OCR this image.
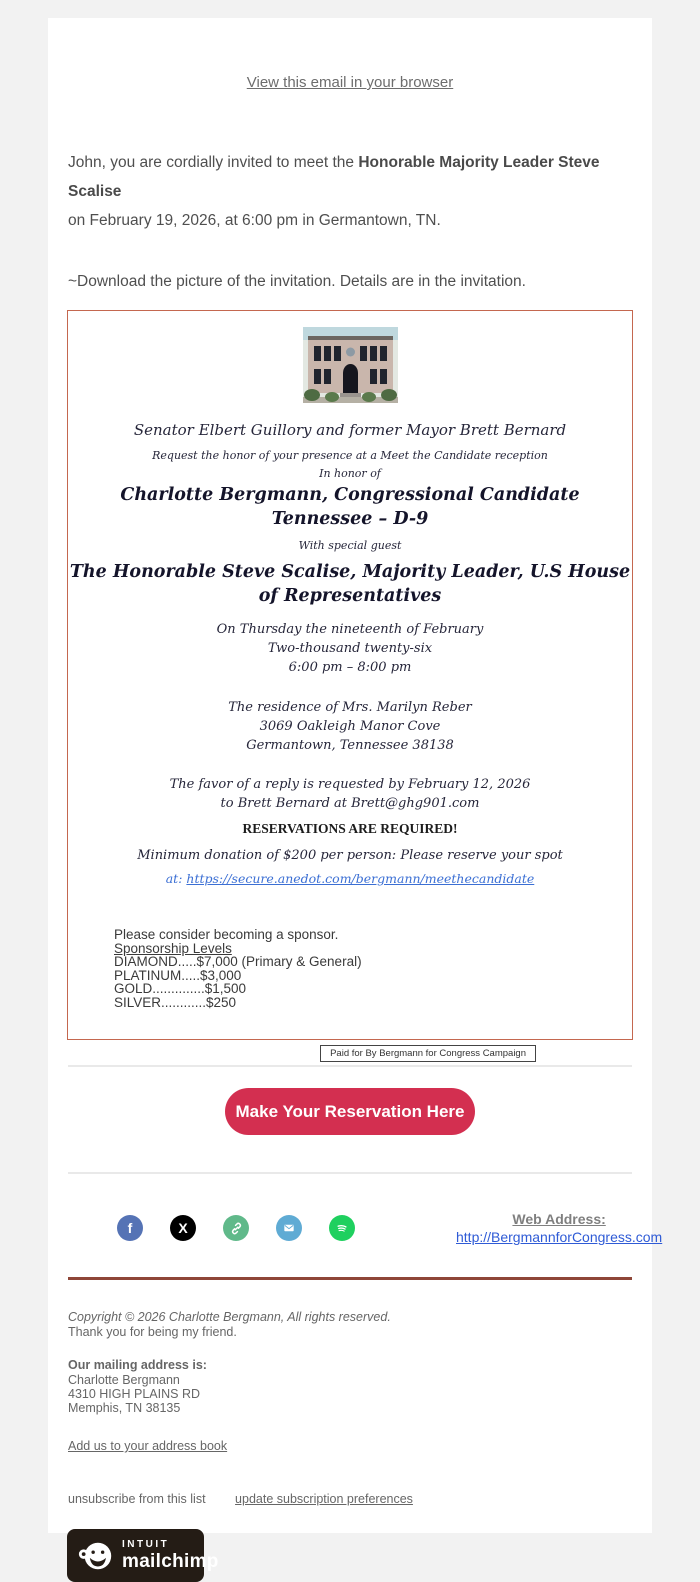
View this email in your browser

John, you are cordially invited to meet the Honorable Majority Leader Steve Scalise
on February 19, 2026, at 6:00 pm in Germantown, TN.

~Download the picture of the invitation. Details are in the invitation.

Senator Elbert Guillory and former Mayor Brett Bernard
Request the honor of your presence at a Meet the Candidate reception
In honor of
Charlotte Bergmann, Congressional Candidate Tennessee – D-9
With special guest
The Honorable Steve Scalise, Majority Leader, U.S House of Representatives
On Thursday the nineteenth of February
Two-thousand twenty-six
6:00 pm – 8:00 pm
The residence of Mrs. Marilyn Reber
3069 Oakleigh Manor Cove
Germantown, Tennessee 38138
The favor of a reply is requested by February 12, 2026
to Brett Bernard at Brett@ghg901.com
RESERVATIONS ARE REQUIRED!
Minimum donation of $200 per person: Please reserve your spot
at: https://secure.anedot.com/bergmann/meethecandidate
Please consider becoming a sponsor.
Sponsorship Levels
DIAMOND.....$7,000 (Primary & General)
PLATINUM.....$3,000
GOLD..............$1,500
SILVER............$250
Paid for By Bergmann for Congress Campaign
Make Your Reservation Here
f	X
Web Address:
http://BergmannforCongress.com
Copyright © 2026 Charlotte Bergmann, All rights reserved.
Thank you for being my friend.
Our mailing address is:
Charlotte Bergmann
4310 HIGH PLAINS RD
Memphis, TN 38135
Add us to your address book
unsubscribe from this list update subscription preferences
INTUIT
mailchimp
